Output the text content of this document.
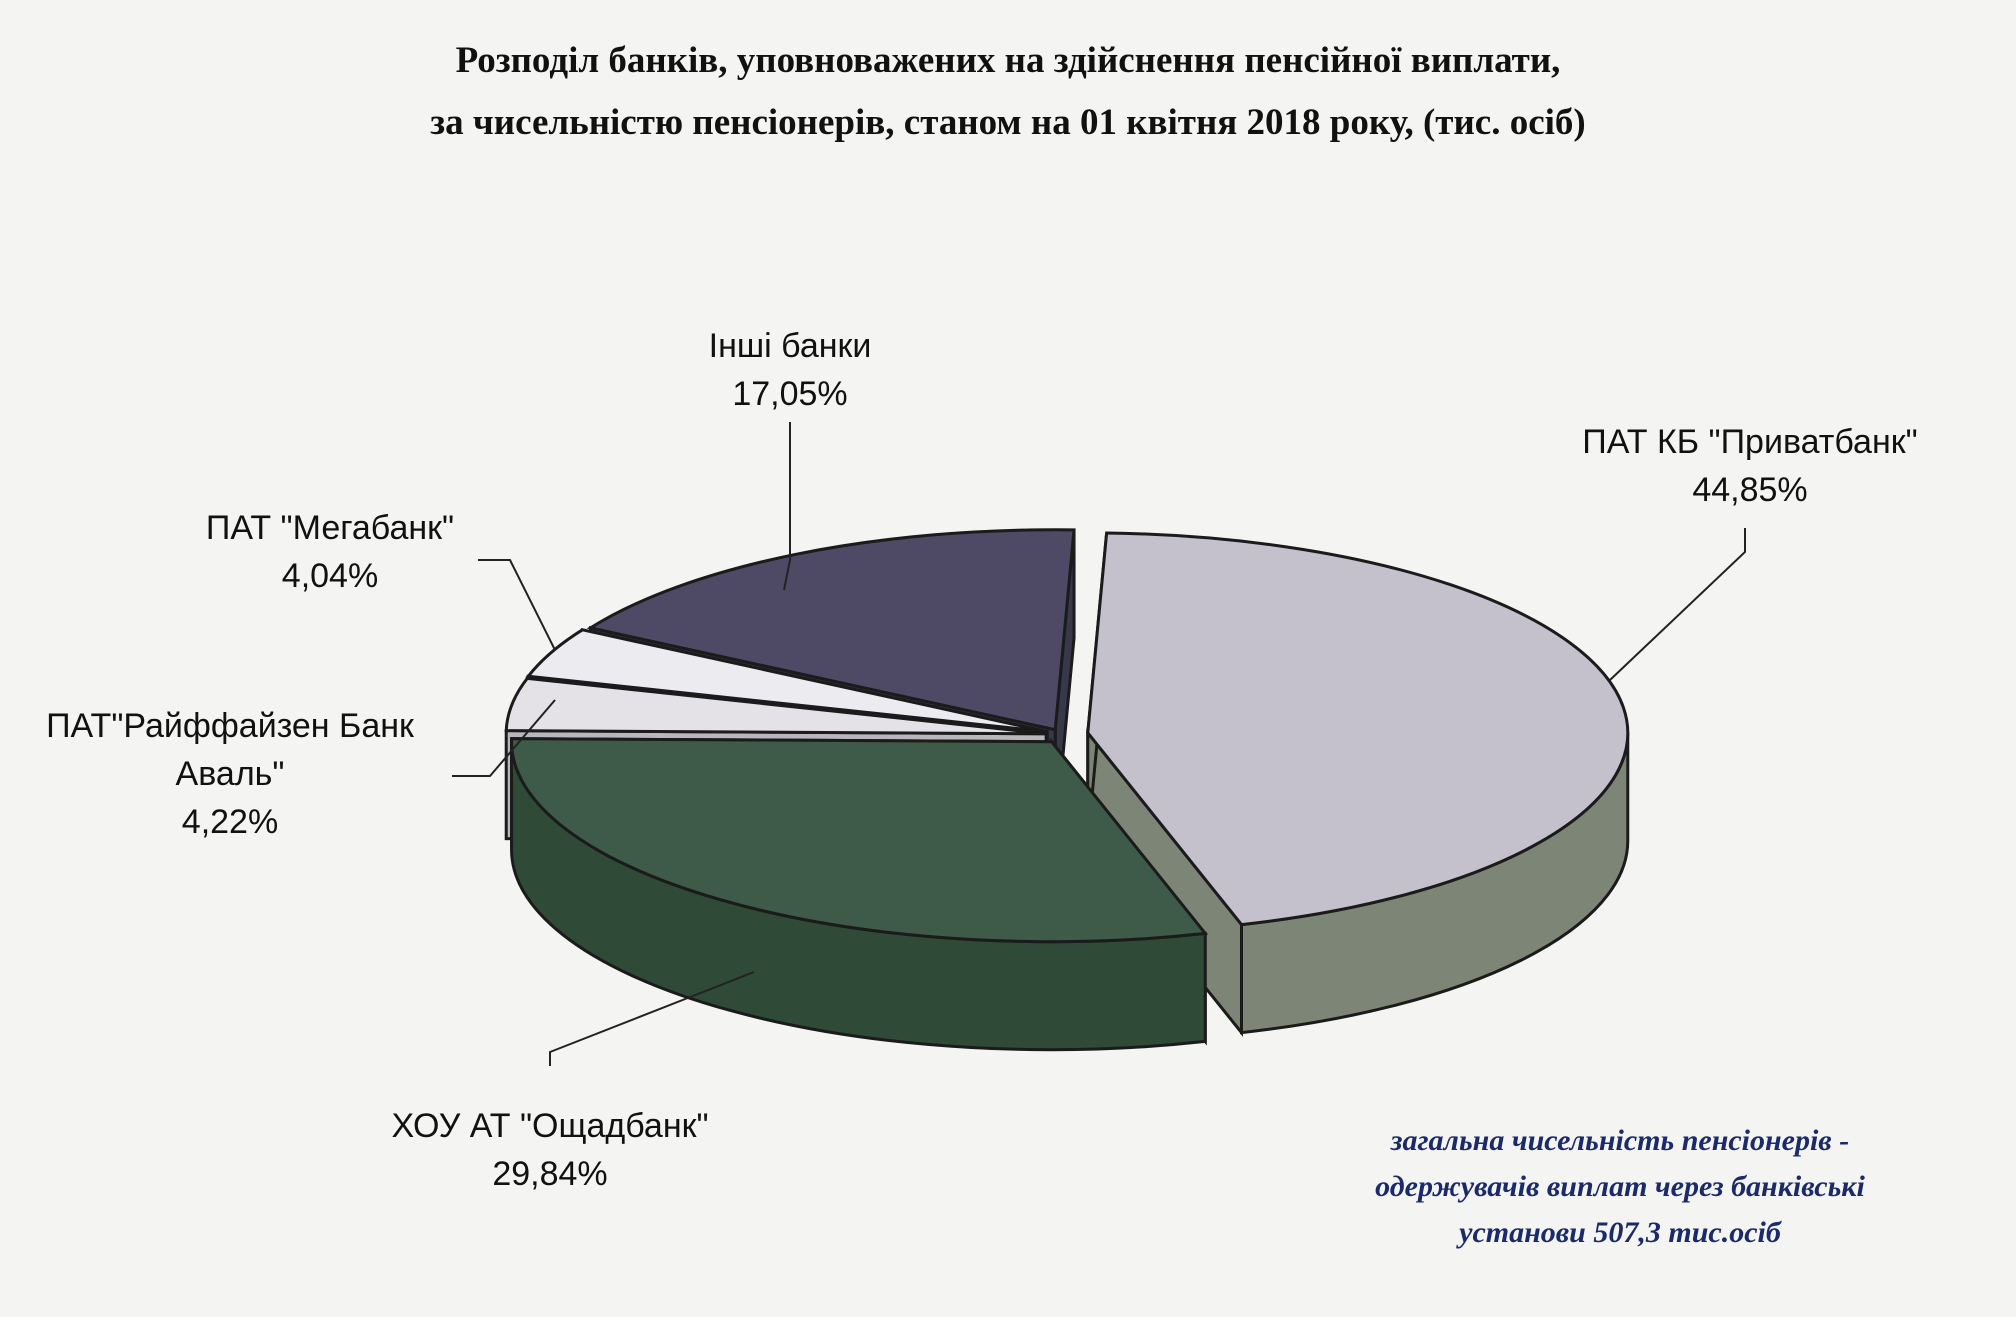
Розподіл банків, уповноважених на здійснення пенсійної виплати,
за чисельністю пенсіонерів, станом на 01 квітня 2018 року, (тис. осіб)
ПАТ КБ "Приватбанк"
44,85%
Інші банки
17,05%
ПАТ "Мегабанк"
4,04%
ПАТ"Райффайзен Банк
Аваль"
4,22%
ХОУ АТ "Ощадбанк"
29,84%
загальна чисельність пенсіонерів -
одержувачів виплат через банківські
установи 507,3 тис.осіб
